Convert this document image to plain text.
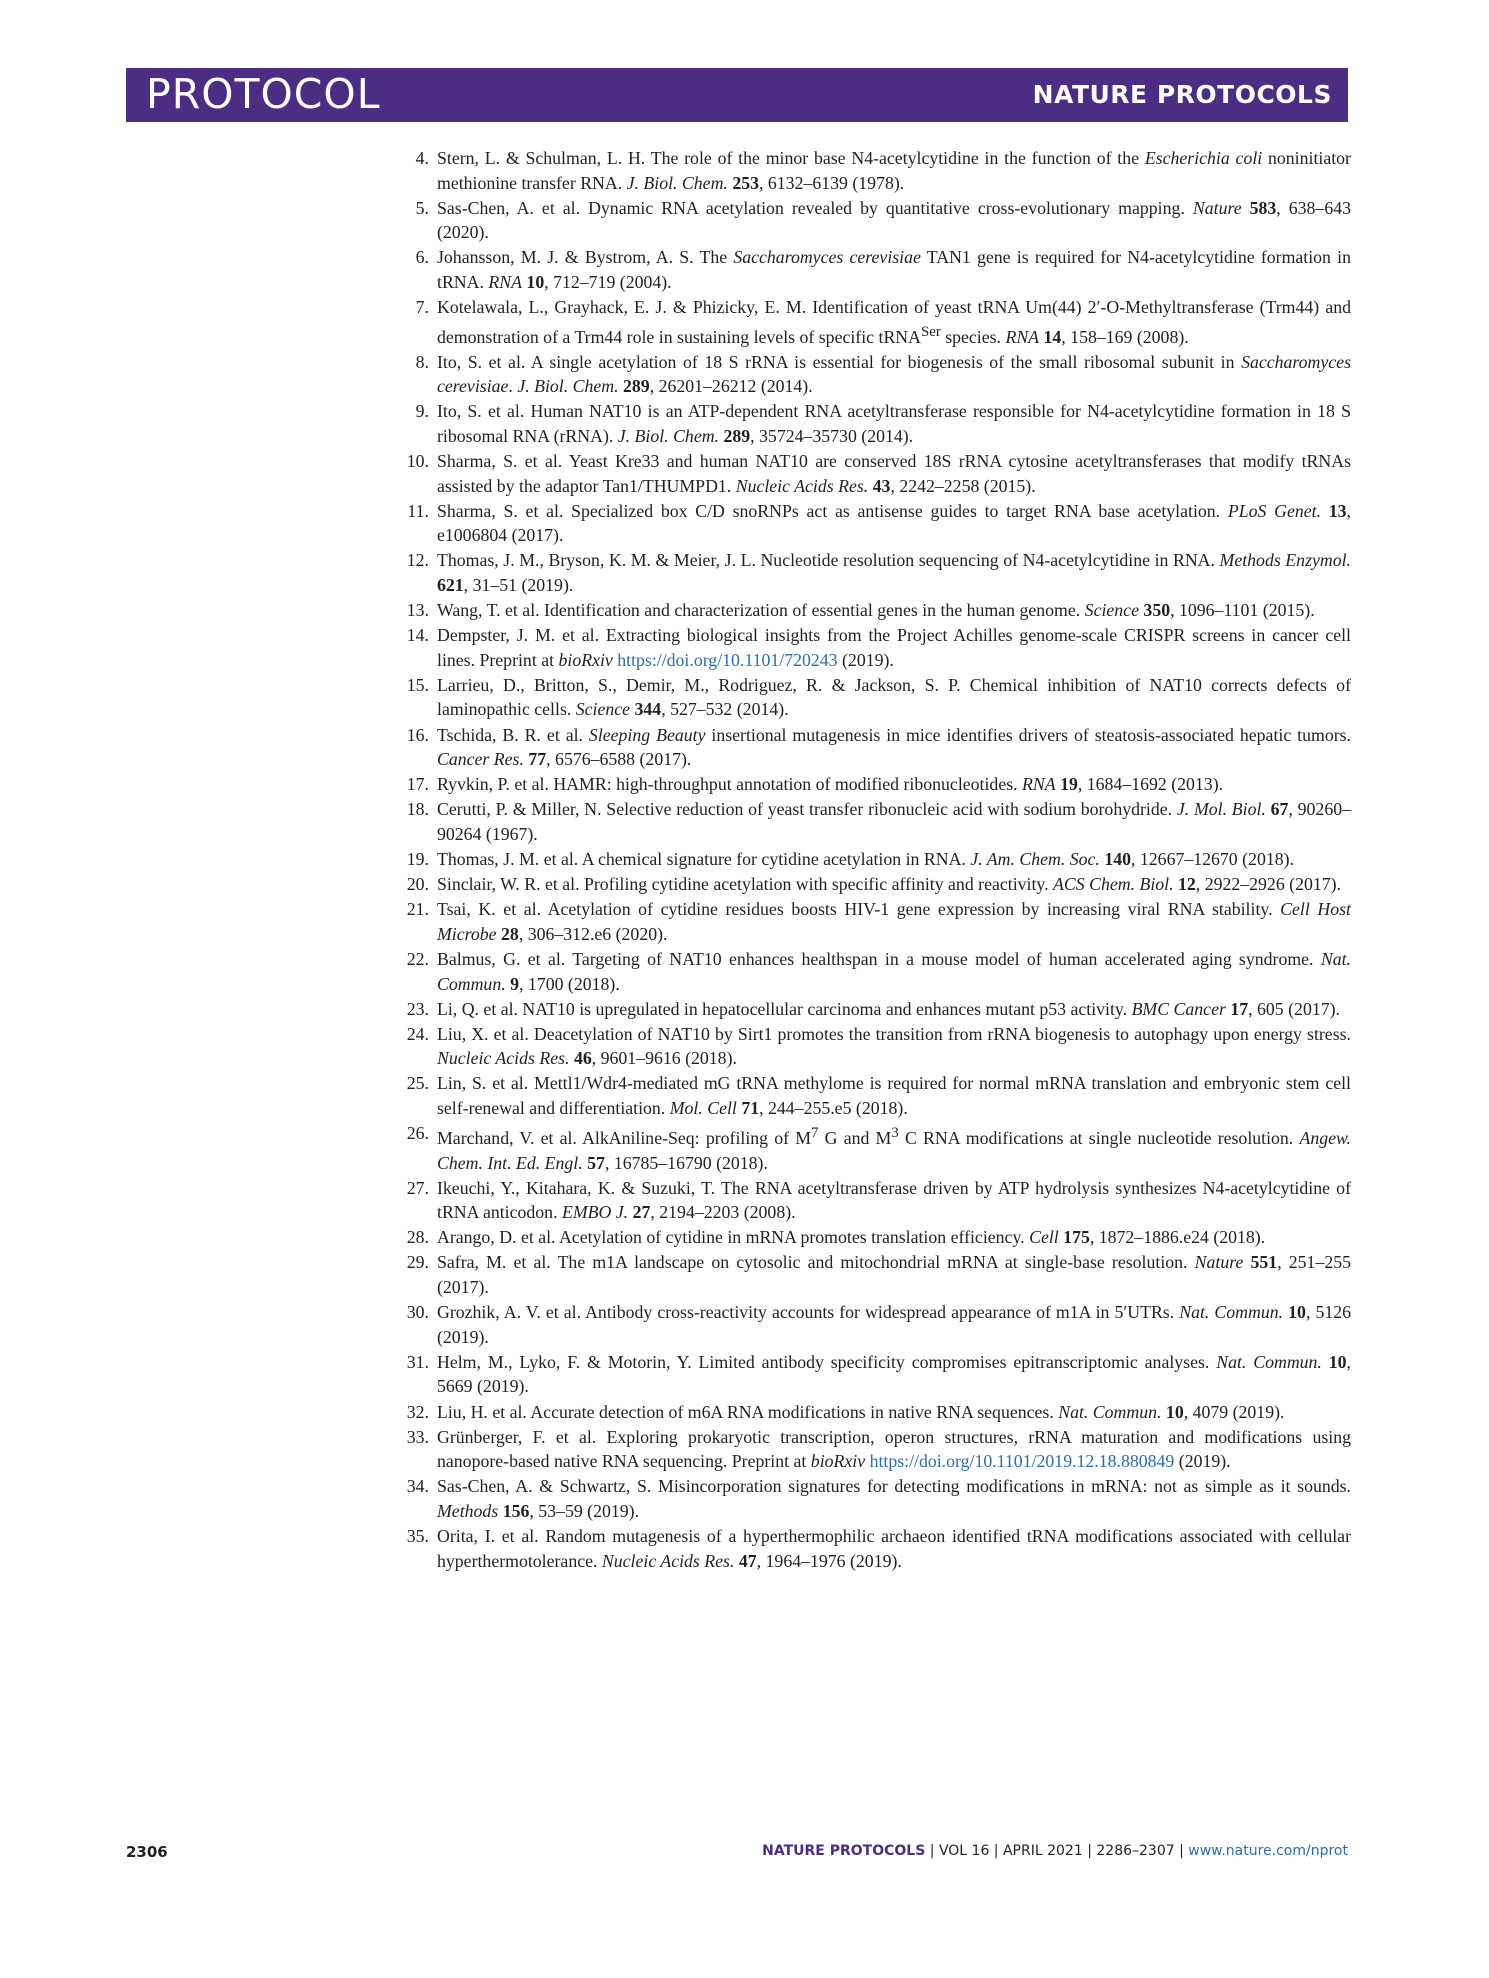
PROTOCOL	NATURE PROTOCOLS
4. Stern, L. & Schulman, L. H. The role of the minor base N4-acetylcytidine in the function of the Escherichia coli noninitiator methionine transfer RNA. J. Biol. Chem. 253, 6132–6139 (1978).
5. Sas-Chen, A. et al. Dynamic RNA acetylation revealed by quantitative cross-evolutionary mapping. Nature 583, 638–643 (2020).
6. Johansson, M. J. & Bystrom, A. S. The Saccharomyces cerevisiae TAN1 gene is required for N4-acetylcytidine formation in tRNA. RNA 10, 712–719 (2004).
7. Kotelawala, L., Grayhack, E. J. & Phizicky, E. M. Identification of yeast tRNA Um(44) 2′-O-Methyltransferase (Trm44) and demonstration of a Trm44 role in sustaining levels of specific tRNA$^{Ser}$ species. RNA 14, 158–169 (2008).
8. Ito, S. et al. A single acetylation of 18 S rRNA is essential for biogenesis of the small ribosomal subunit in Saccharomyces cerevisiae. J. Biol. Chem. 289, 26201–26212 (2014).
9. Ito, S. et al. Human NAT10 is an ATP-dependent RNA acetyltransferase responsible for N4-acetylcytidine formation in 18 S ribosomal RNA (rRNA). J. Biol. Chem. 289, 35724–35730 (2014).
10. Sharma, S. et al. Yeast Kre33 and human NAT10 are conserved 18S rRNA cytosine acetyltransferases that modify tRNAs assisted by the adaptor Tan1/THUMPD1. Nucleic Acids Res. 43, 2242–2258 (2015).
11. Sharma, S. et al. Specialized box C/D snoRNPs act as antisense guides to target RNA base acetylation. PLoS Genet. 13, e1006804 (2017).
12. Thomas, J. M., Bryson, K. M. & Meier, J. L. Nucleotide resolution sequencing of N4-acetylcytidine in RNA. Methods Enzymol. 621, 31–51 (2019).
13. Wang, T. et al. Identification and characterization of essential genes in the human genome. Science 350, 1096–1101 (2015).
14. Dempster, J. M. et al. Extracting biological insights from the Project Achilles genome-scale CRISPR screens in cancer cell lines. Preprint at bioRxiv https://doi.org/10.1101/720243 (2019).
15. Larrieu, D., Britton, S., Demir, M., Rodriguez, R. & Jackson, S. P. Chemical inhibition of NAT10 corrects defects of laminopathic cells. Science 344, 527–532 (2014).
16. Tschida, B. R. et al. Sleeping Beauty insertional mutagenesis in mice identifies drivers of steatosis-associated hepatic tumors. Cancer Res. 77, 6576–6588 (2017).
17. Ryvkin, P. et al. HAMR: high-throughput annotation of modified ribonucleotides. RNA 19, 1684–1692 (2013).
18. Cerutti, P. & Miller, N. Selective reduction of yeast transfer ribonucleic acid with sodium borohydride. J. Mol. Biol. 67, 90260–90264 (1967).
19. Thomas, J. M. et al. A chemical signature for cytidine acetylation in RNA. J. Am. Chem. Soc. 140, 12667–12670 (2018).
20. Sinclair, W. R. et al. Profiling cytidine acetylation with specific affinity and reactivity. ACS Chem. Biol. 12, 2922–2926 (2017).
21. Tsai, K. et al. Acetylation of cytidine residues boosts HIV-1 gene expression by increasing viral RNA stability. Cell Host Microbe 28, 306–312.e6 (2020).
22. Balmus, G. et al. Targeting of NAT10 enhances healthspan in a mouse model of human accelerated aging syndrome. Nat. Commun. 9, 1700 (2018).
23. Li, Q. et al. NAT10 is upregulated in hepatocellular carcinoma and enhances mutant p53 activity. BMC Cancer 17, 605 (2017).
24. Liu, X. et al. Deacetylation of NAT10 by Sirt1 promotes the transition from rRNA biogenesis to autophagy upon energy stress. Nucleic Acids Res. 46, 9601–9616 (2018).
25. Lin, S. et al. Mettl1/Wdr4-mediated mG tRNA methylome is required for normal mRNA translation and embryonic stem cell self-renewal and differentiation. Mol. Cell 71, 244–255.e5 (2018).
26. Marchand, V. et al. AlkAniline-Seq: profiling of $M^7$ G and $M^3$ C RNA modifications at single nucleotide resolution. Angew. Chem. Int. Ed. Engl. 57, 16785–16790 (2018).
27. Ikeuchi, Y., Kitahara, K. & Suzuki, T. The RNA acetyltransferase driven by ATP hydrolysis synthesizes N4-acetylcytidine of tRNA anticodon. EMBO J. 27, 2194–2203 (2008).
28. Arango, D. et al. Acetylation of cytidine in mRNA promotes translation efficiency. Cell 175, 1872–1886.e24 (2018).
29. Safra, M. et al. The m1A landscape on cytosolic and mitochondrial mRNA at single-base resolution. Nature 551, 251–255 (2017).
30. Grozhik, A. V. et al. Antibody cross-reactivity accounts for widespread appearance of m1A in 5′UTRs. Nat. Commun. 10, 5126 (2019).
31. Helm, M., Lyko, F. & Motorin, Y. Limited antibody specificity compromises epitranscriptomic analyses. Nat. Commun. 10, 5669 (2019).
32. Liu, H. et al. Accurate detection of m6A RNA modifications in native RNA sequences. Nat. Commun. 10, 4079 (2019).
33. Grünberger, F. et al. Exploring prokaryotic transcription, operon structures, rRNA maturation and modifications using nanopore-based native RNA sequencing. Preprint at bioRxiv https://doi.org/10.1101/2019.12.18.880849 (2019).
34. Sas-Chen, A. & Schwartz, S. Misincorporation signatures for detecting modifications in mRNA: not as simple as it sounds. Methods 156, 53–59 (2019).
35. Orita, I. et al. Random mutagenesis of a hyperthermophilic archaeon identified tRNA modifications associated with cellular hyperthermotolerance. Nucleic Acids Res. 47, 1964–1976 (2019).
2306	NATURE PROTOCOLS | VOL 16 | APRIL 2021 | 2286–2307 | www.nature.com/nprot
